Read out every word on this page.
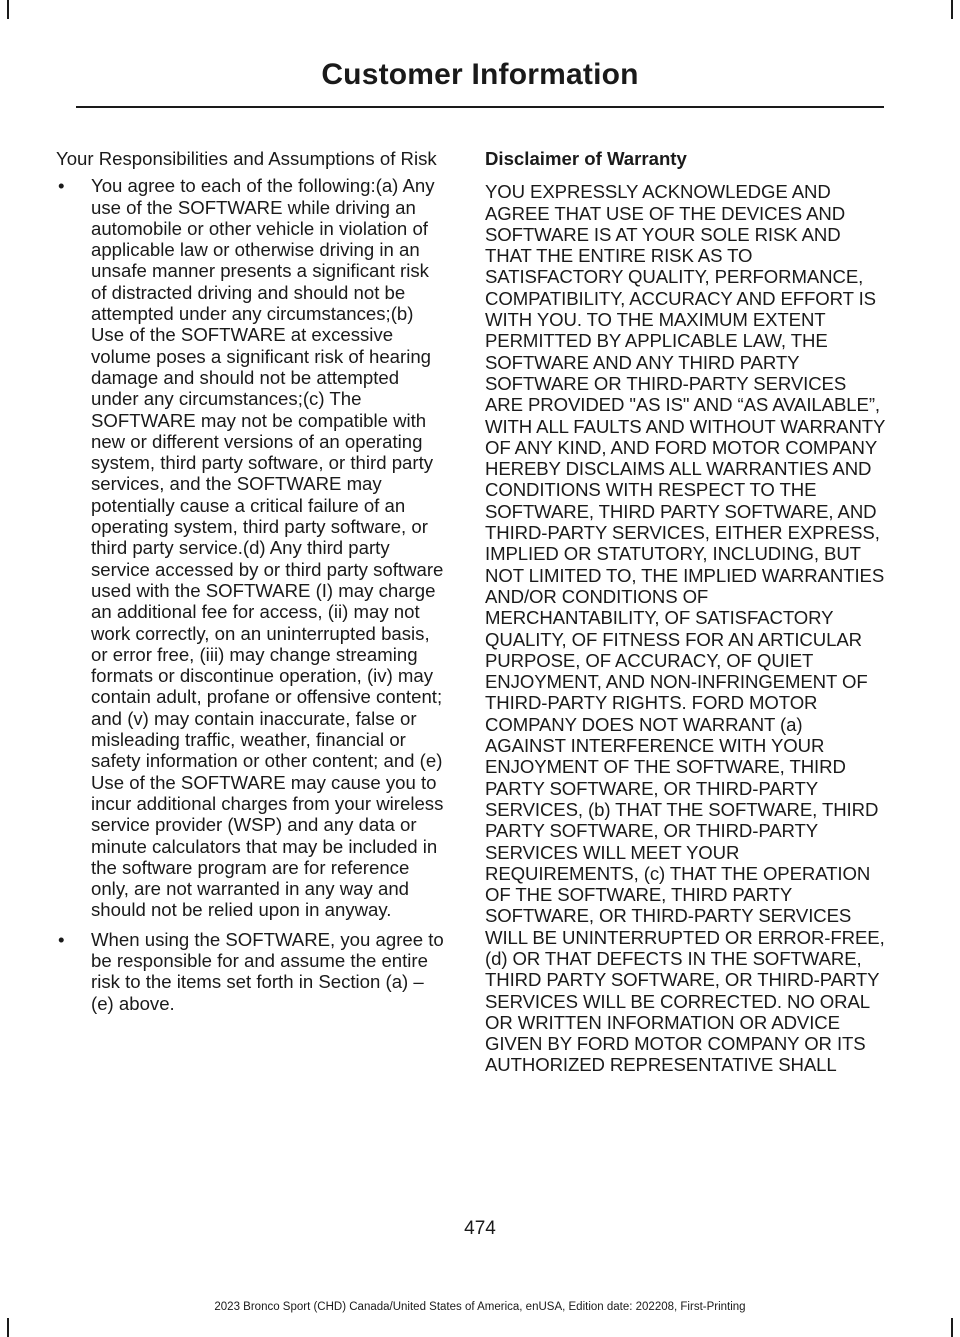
Customer Information

Your Responsibilities and Assumptions of Risk

• You agree to each of the following:(a) Any use of the SOFTWARE while driving an automobile or other vehicle in violation of applicable law or otherwise driving in an unsafe manner presents a significant risk of distracted driving and should not be attempted under any circumstances;(b) Use of the SOFTWARE at excessive volume poses a significant risk of hearing damage and should not be attempted under any circumstances;(c) The SOFTWARE may not be compatible with new or different versions of an operating system, third party software, or third party services, and the SOFTWARE may potentially cause a critical failure of an operating system, third party software, or third party service.(d) Any third party service accessed by or third party software used with the SOFTWARE (I) may charge an additional fee for access, (ii) may not work correctly, on an uninterrupted basis, or error free, (iii) may change streaming formats or discontinue operation, (iv) may contain adult, profane or offensive content; and (v) may contain inaccurate, false or misleading traffic, weather, financial or safety information or other content; and (e) Use of the SOFTWARE may cause you to incur additional charges from your wireless service provider (WSP) and any data or minute calculators that may be included in the software program are for reference only, are not warranted in any way and should not be relied upon in anyway.
• When using the SOFTWARE, you agree to be responsible for and assume the entire risk to the items set forth in Section (a) – (e) above.

Disclaimer of Warranty

YOU EXPRESSLY ACKNOWLEDGE AND AGREE THAT USE OF THE DEVICES AND SOFTWARE IS AT YOUR SOLE RISK AND THAT THE ENTIRE RISK AS TO SATISFACTORY QUALITY, PERFORMANCE, COMPATIBILITY, ACCURACY AND EFFORT IS WITH YOU. TO THE MAXIMUM EXTENT PERMITTED BY APPLICABLE LAW, THE SOFTWARE AND ANY THIRD PARTY SOFTWARE OR THIRD-PARTY SERVICES ARE PROVIDED "AS IS" AND “AS AVAILABLE”, WITH ALL FAULTS AND WITHOUT WARRANTY OF ANY KIND, AND FORD MOTOR COMPANY HEREBY DISCLAIMS ALL WARRANTIES AND CONDITIONS WITH RESPECT TO THE SOFTWARE, THIRD PARTY SOFTWARE, AND THIRD-PARTY SERVICES, EITHER EXPRESS, IMPLIED OR STATUTORY, INCLUDING, BUT NOT LIMITED TO, THE IMPLIED WARRANTIES AND/OR CONDITIONS OF MERCHANTABILITY, OF SATISFACTORY QUALITY, OF FITNESS FOR AN ARTICULAR PURPOSE, OF ACCURACY, OF QUIET ENJOYMENT, AND NON-INFRINGEMENT OF THIRD-PARTY RIGHTS. FORD MOTOR COMPANY DOES NOT WARRANT (a) AGAINST INTERFERENCE WITH YOUR ENJOYMENT OF THE SOFTWARE, THIRD PARTY SOFTWARE, OR THIRD-PARTY SERVICES, (b) THAT THE SOFTWARE, THIRD PARTY SOFTWARE, OR THIRD-PARTY SERVICES WILL MEET YOUR REQUIREMENTS, (c) THAT THE OPERATION OF THE SOFTWARE, THIRD PARTY SOFTWARE, OR THIRD-PARTY SERVICES WILL BE UNINTERRUPTED OR ERROR-FREE, (d) OR THAT DEFECTS IN THE SOFTWARE, THIRD PARTY SOFTWARE, OR THIRD-PARTY SERVICES WILL BE CORRECTED. NO ORAL OR WRITTEN INFORMATION OR ADVICE GIVEN BY FORD MOTOR COMPANY OR ITS AUTHORIZED REPRESENTATIVE SHALL

474
2023 Bronco Sport (CHD) Canada/United States of America, enUSA, Edition date: 202208, First-Printing
